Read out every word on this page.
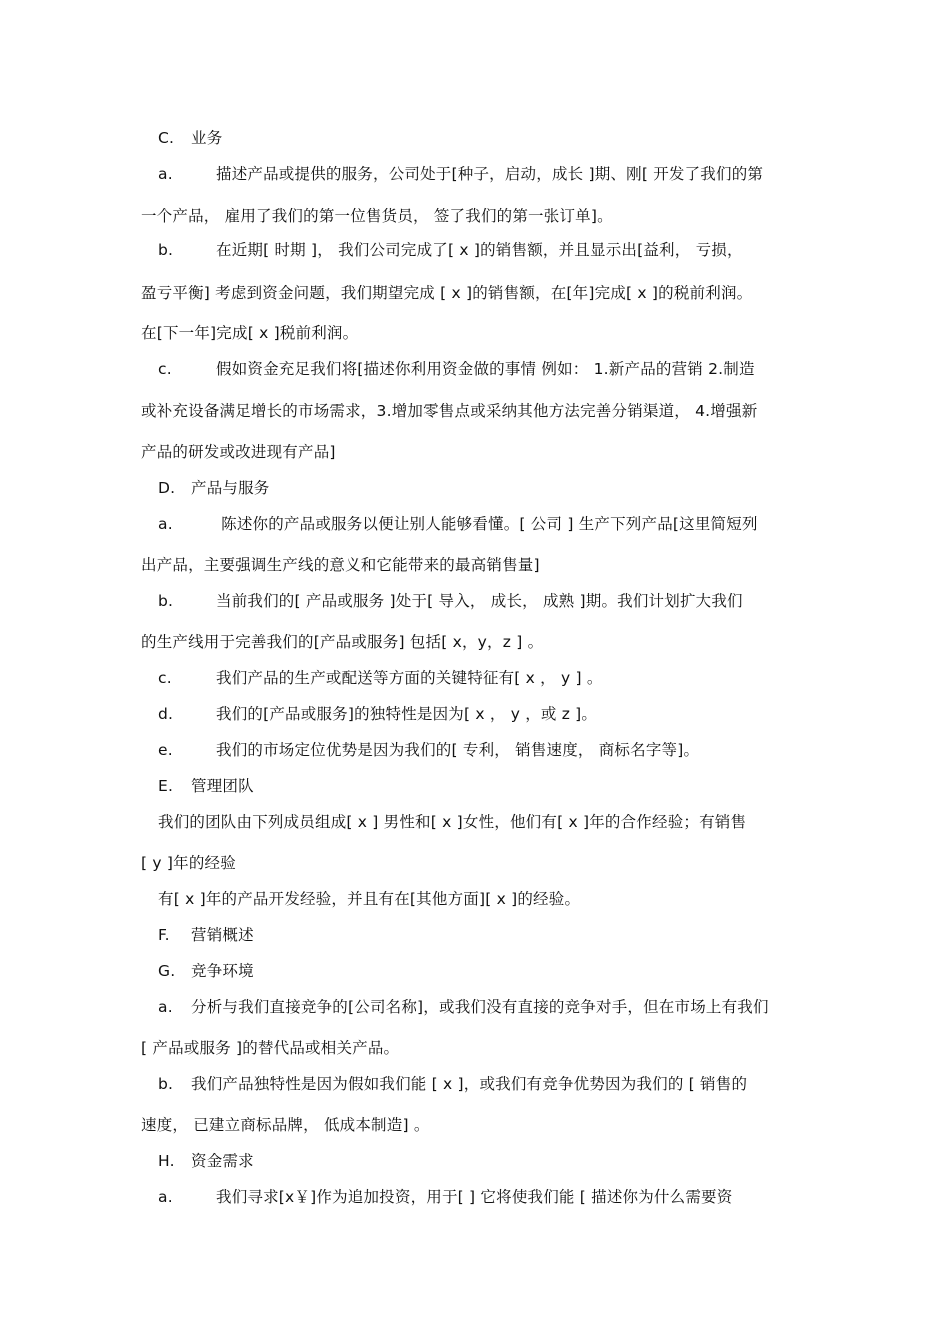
C. 业务
a.	描述产品或提供的服务，公司处于[种子，启动，成长 ]期、刚[ 开发了我们的第
一个产品， 雇用了我们的第一位售货员， 签了我们的第一张订单]。
b.	在近期[ 时期 ]， 我们公司完成了[ x ]的销售额，并且显示出[益利， 亏损，
盈亏平衡] 考虑到资金问题，我们期望完成 [ x ]的销售额，在[年]完成[ x ]的税前利润。
在[下一年]完成[ x ]税前利润。
c.	假如资金充足我们将[描述你利用资金做的事情 例如： 1.新产品的营销 2.制造
或补充设备满足增长的市场需求，3.增加零售点或采纳其他方法完善分销渠道， 4.增强新
产品的研发或改进现有产品]
D. 产品与服务
a.	陈述你的产品或服务以便让别人能够看懂。[ 公司 ] 生产下列产品[这里简短列
出产品，主要强调生产线的意义和它能带来的最高销售量]
b.	当前我们的[ 产品或服务 ]处于[ 导入， 成长， 成熟 ]期。我们计划扩大我们
的生产线用于完善我们的[产品或服务] 包括[ x，y，z ] 。
c.	我们产品的生产或配送等方面的关键特征有[ x ， y ] 。
d.	我们的[产品或服务]的独特性是因为[ x ， y ，或 z ]。
e.	我们的市场定位优势是因为我们的[ 专利， 销售速度， 商标名字等]。
E. 管理团队
我们的团队由下列成员组成[ x ] 男性和[ x ]女性，他们有[ x ]年的合作经验；有销售
[ y ]年的经验
有[ x ]年的产品开发经验，并且有在[其他方面][ x ]的经验。
F. 营销概述
G. 竞争环境
a. 分析与我们直接竞争的[公司名称]，或我们没有直接的竞争对手，但在市场上有我们
[ 产品或服务 ]的替代品或相关产品。
b. 我们产品独特性是因为假如我们能 [ x ]，或我们有竞争优势因为我们的 [ 销售的
速度， 已建立商标品牌， 低成本制造] 。
H. 资金需求
a.	我们寻求[x￥]作为追加投资，用于[ ] 它将使我们能 [ 描述你为什么需要资
